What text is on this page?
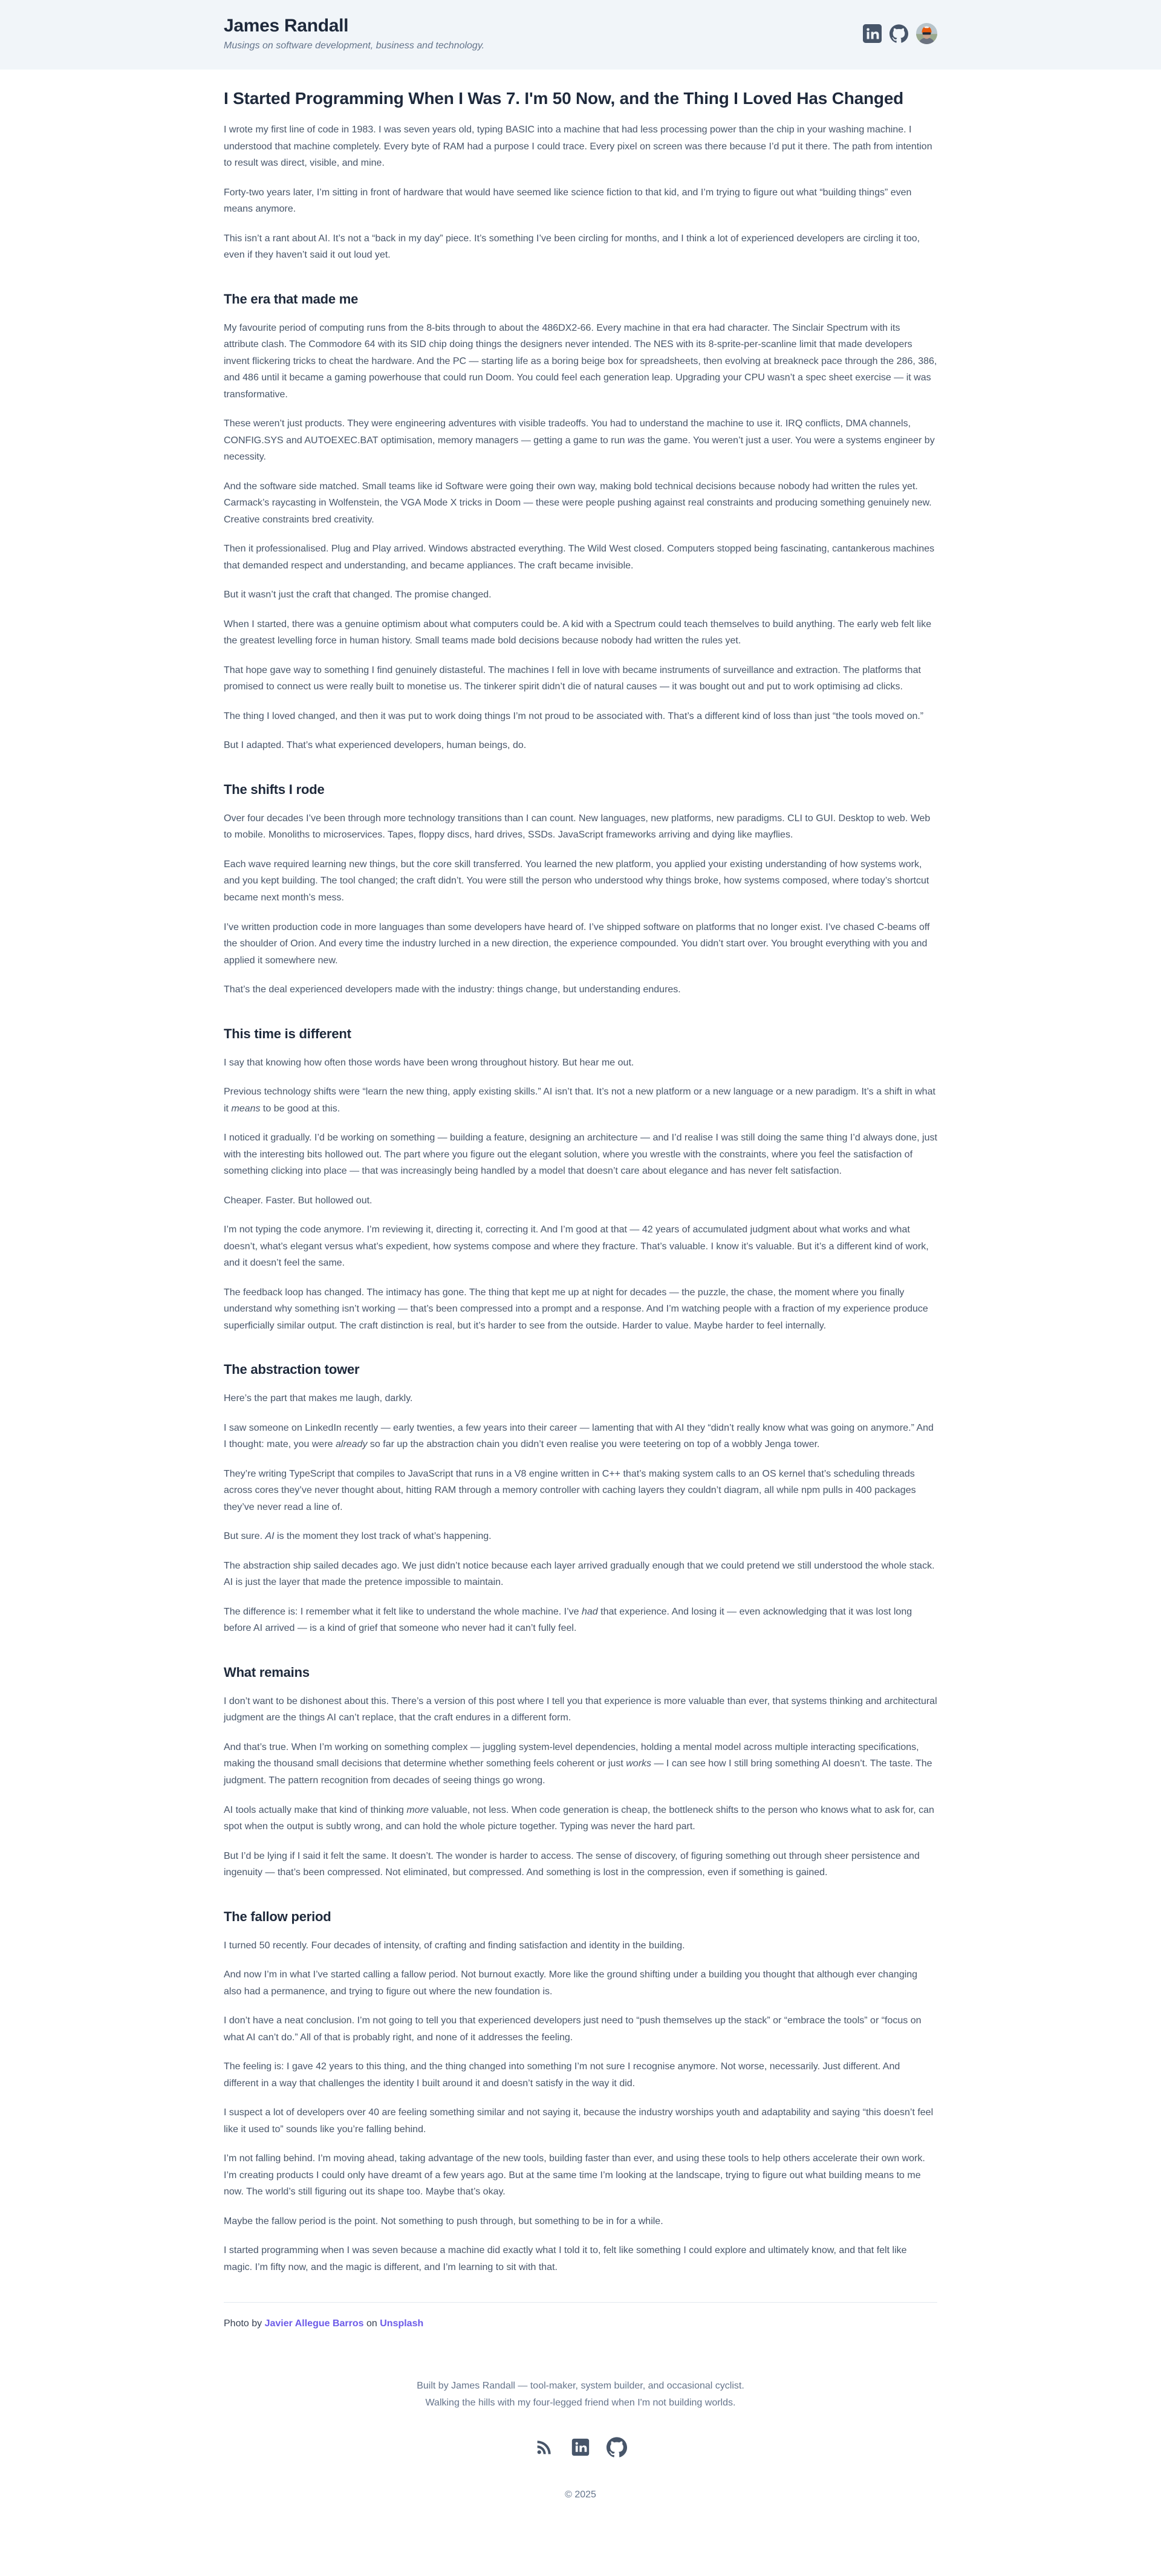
James Randall

Musings on software development, business and technology.

I Started Programming When I Was 7. I'm 50 Now, and the Thing I Loved Has Changed

I wrote my first line of code in 1983. I was seven years old, typing BASIC into a machine that had less processing power than the chip in your washing machine. I understood that machine completely. Every byte of RAM had a purpose I could trace. Every pixel on screen was there because I’d put it there. The path from intention to result was direct, visible, and mine.

Forty-two years later, I’m sitting in front of hardware that would have seemed like science fiction to that kid, and I’m trying to figure out what “building things” even means anymore.

This isn’t a rant about AI. It’s not a “back in my day” piece. It’s something I’ve been circling for months, and I think a lot of experienced developers are circling it too, even if they haven’t said it out loud yet.

The era that made me

My favourite period of computing runs from the 8-bits through to about the 486DX2-66. Every machine in that era had character. The Sinclair Spectrum with its attribute clash. The Commodore 64 with its SID chip doing things the designers never intended. The NES with its 8-sprite-per-scanline limit that made developers invent flickering tricks to cheat the hardware. And the PC — starting life as a boring beige box for spreadsheets, then evolving at breakneck pace through the 286, 386, and 486 until it became a gaming powerhouse that could run Doom. You could feel each generation leap. Upgrading your CPU wasn’t a spec sheet exercise — it was transformative.

These weren’t just products. They were engineering adventures with visible tradeoffs. You had to understand the machine to use it. IRQ conflicts, DMA channels, CONFIG.SYS and AUTOEXEC.BAT optimisation, memory managers — getting a game to run was the game. You weren’t just a user. You were a systems engineer by necessity.

And the software side matched. Small teams like id Software were going their own way, making bold technical decisions because nobody had written the rules yet. Carmack’s raycasting in Wolfenstein, the VGA Mode X tricks in Doom — these were people pushing against real constraints and producing something genuinely new. Creative constraints bred creativity.

Then it professionalised. Plug and Play arrived. Windows abstracted everything. The Wild West closed. Computers stopped being fascinating, cantankerous machines that demanded respect and understanding, and became appliances. The craft became invisible.

But it wasn’t just the craft that changed. The promise changed.

When I started, there was a genuine optimism about what computers could be. A kid with a Spectrum could teach themselves to build anything. The early web felt like the greatest levelling force in human history. Small teams made bold decisions because nobody had written the rules yet.

That hope gave way to something I find genuinely distasteful. The machines I fell in love with became instruments of surveillance and extraction. The platforms that promised to connect us were really built to monetise us. The tinkerer spirit didn’t die of natural causes — it was bought out and put to work optimising ad clicks.

The thing I loved changed, and then it was put to work doing things I’m not proud to be associated with. That’s a different kind of loss than just “the tools moved on.”

But I adapted. That’s what experienced developers, human beings, do.

The shifts I rode

Over four decades I’ve been through more technology transitions than I can count. New languages, new platforms, new paradigms. CLI to GUI. Desktop to web. Web to mobile. Monoliths to microservices. Tapes, floppy discs, hard drives, SSDs. JavaScript frameworks arriving and dying like mayflies.

Each wave required learning new things, but the core skill transferred. You learned the new platform, you applied your existing understanding of how systems work, and you kept building. The tool changed; the craft didn’t. You were still the person who understood why things broke, how systems composed, where today’s shortcut became next month’s mess.

I’ve written production code in more languages than some developers have heard of. I’ve shipped software on platforms that no longer exist. I’ve chased C-beams off the shoulder of Orion. And every time the industry lurched in a new direction, the experience compounded. You didn’t start over. You brought everything with you and applied it somewhere new.

That’s the deal experienced developers made with the industry: things change, but understanding endures.

This time is different

I say that knowing how often those words have been wrong throughout history. But hear me out.

Previous technology shifts were “learn the new thing, apply existing skills.” AI isn’t that. It’s not a new platform or a new language or a new paradigm. It’s a shift in what it means to be good at this.

I noticed it gradually. I’d be working on something — building a feature, designing an architecture — and I’d realise I was still doing the same thing I’d always done, just with the interesting bits hollowed out. The part where you figure out the elegant solution, where you wrestle with the constraints, where you feel the satisfaction of something clicking into place — that was increasingly being handled by a model that doesn’t care about elegance and has never felt satisfaction.

Cheaper. Faster. But hollowed out.

I’m not typing the code anymore. I’m reviewing it, directing it, correcting it. And I’m good at that — 42 years of accumulated judgment about what works and what doesn’t, what’s elegant versus what’s expedient, how systems compose and where they fracture. That’s valuable. I know it’s valuable. But it’s a different kind of work, and it doesn’t feel the same.

The feedback loop has changed. The intimacy has gone. The thing that kept me up at night for decades — the puzzle, the chase, the moment where you finally understand why something isn’t working — that’s been compressed into a prompt and a response. And I’m watching people with a fraction of my experience produce superficially similar output. The craft distinction is real, but it’s harder to see from the outside. Harder to value. Maybe harder to feel internally.

The abstraction tower

Here’s the part that makes me laugh, darkly.

I saw someone on LinkedIn recently — early twenties, a few years into their career — lamenting that with AI they “didn’t really know what was going on anymore.” And I thought: mate, you were already so far up the abstraction chain you didn’t even realise you were teetering on top of a wobbly Jenga tower.

They’re writing TypeScript that compiles to JavaScript that runs in a V8 engine written in C++ that’s making system calls to an OS kernel that’s scheduling threads across cores they’ve never thought about, hitting RAM through a memory controller with caching layers they couldn’t diagram, all while npm pulls in 400 packages they’ve never read a line of.

But sure. AI is the moment they lost track of what’s happening.

The abstraction ship sailed decades ago. We just didn’t notice because each layer arrived gradually enough that we could pretend we still understood the whole stack. AI is just the layer that made the pretence impossible to maintain.

The difference is: I remember what it felt like to understand the whole machine. I’ve had that experience. And losing it — even acknowledging that it was lost long before AI arrived — is a kind of grief that someone who never had it can’t fully feel.

What remains

I don’t want to be dishonest about this. There’s a version of this post where I tell you that experience is more valuable than ever, that systems thinking and architectural judgment are the things AI can’t replace, that the craft endures in a different form.

And that’s true. When I’m working on something complex — juggling system-level dependencies, holding a mental model across multiple interacting specifications, making the thousand small decisions that determine whether something feels coherent or just works — I can see how I still bring something AI doesn’t. The taste. The judgment. The pattern recognition from decades of seeing things go wrong.

AI tools actually make that kind of thinking more valuable, not less. When code generation is cheap, the bottleneck shifts to the person who knows what to ask for, can spot when the output is subtly wrong, and can hold the whole picture together. Typing was never the hard part.

But I’d be lying if I said it felt the same. It doesn’t. The wonder is harder to access. The sense of discovery, of figuring something out through sheer persistence and ingenuity — that’s been compressed. Not eliminated, but compressed. And something is lost in the compression, even if something is gained.

The fallow period

I turned 50 recently. Four decades of intensity, of crafting and finding satisfaction and identity in the building.

And now I’m in what I’ve started calling a fallow period. Not burnout exactly. More like the ground shifting under a building you thought that although ever changing also had a permanence, and trying to figure out where the new foundation is.

I don’t have a neat conclusion. I’m not going to tell you that experienced developers just need to “push themselves up the stack” or “embrace the tools” or “focus on what AI can’t do.” All of that is probably right, and none of it addresses the feeling.

The feeling is: I gave 42 years to this thing, and the thing changed into something I’m not sure I recognise anymore. Not worse, necessarily. Just different. And different in a way that challenges the identity I built around it and doesn’t satisfy in the way it did.

I suspect a lot of developers over 40 are feeling something similar and not saying it, because the industry worships youth and adaptability and saying “this doesn’t feel like it used to” sounds like you’re falling behind.

I’m not falling behind. I’m moving ahead, taking advantage of the new tools, building faster than ever, and using these tools to help others accelerate their own work. I’m creating products I could only have dreamt of a few years ago. But at the same time I’m looking at the landscape, trying to figure out what building means to me now. The world’s still figuring out its shape too. Maybe that’s okay.

Maybe the fallow period is the point. Not something to push through, but something to be in for a while.

I started programming when I was seven because a machine did exactly what I told it to, felt like something I could explore and ultimately know, and that felt like magic. I’m fifty now, and the magic is different, and I’m learning to sit with that.

Photo by Javier Allegue Barros on Unsplash

Built by James Randall — tool-maker, system builder, and occasional cyclist.

Walking the hills with my four-legged friend when I'm not building worlds.

© 2025
